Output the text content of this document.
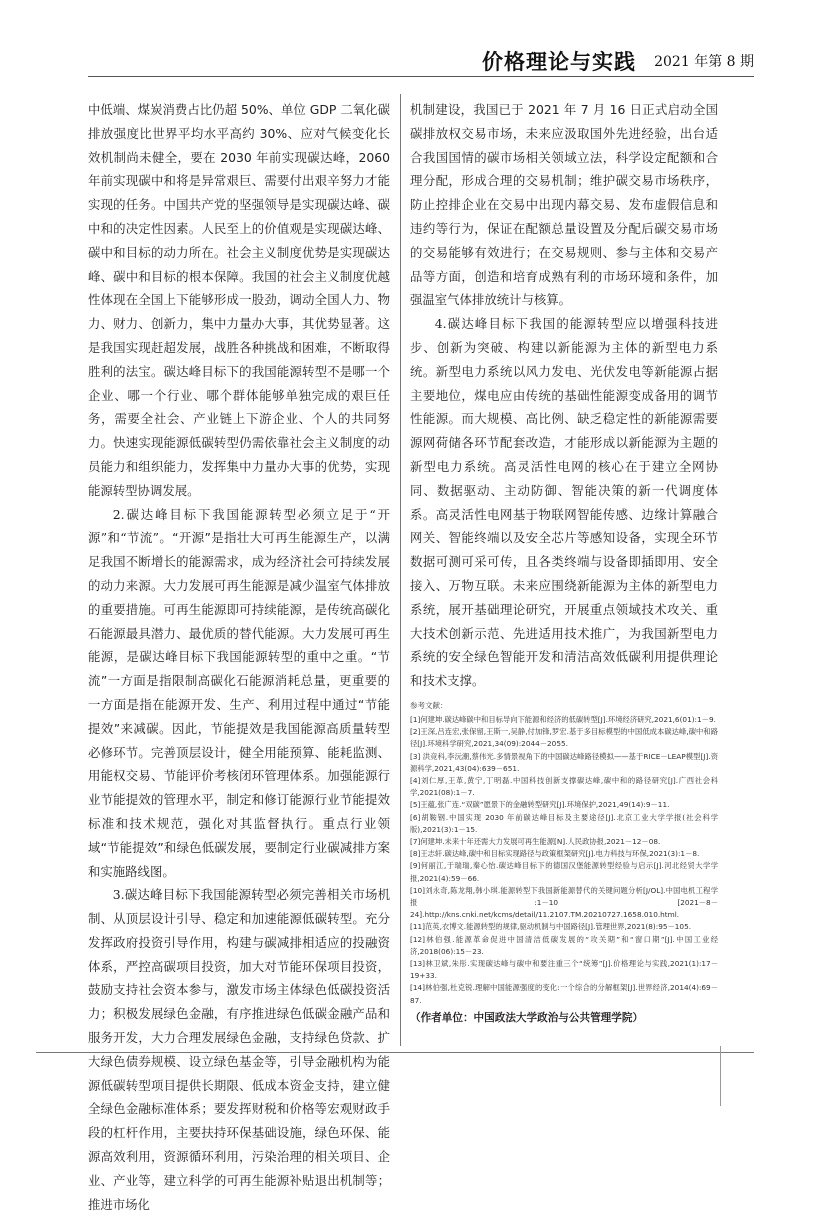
价格理论与实践 2021 年第 8 期

中低端、煤炭消费占比仍超 50%、单位 GDP 二氧化碳排放强度比世界平均水平高约 30%、应对气候变化长效机制尚未健全，要在 2030 年前实现碳达峰，2060 年前实现碳中和将是异常艰巨、需要付出艰辛努力才能实现的任务。中国共产党的坚强领导是实现碳达峰、碳中和的决定性因素。人民至上的价值观是实现碳达峰、碳中和目标的动力所在。社会主义制度优势是实现碳达峰、碳中和目标的根本保障。我国的社会主义制度优越性体现在全国上下能够形成一股劲，调动全国人力、物力、财力、创新力，集中力量办大事，其优势显著。这是我国实现赶超发展，战胜各种挑战和困难，不断取得胜利的法宝。碳达峰目标下的我国能源转型不是哪一个企业、哪一个行业、哪个群体能够单独完成的艰巨任务，需要全社会、产业链上下游企业、个人的共同努力。快速实现能源低碳转型仍需依靠社会主义制度的动员能力和组织能力，发挥集中力量办大事的优势，实现能源转型协调发展。

2.碳达峰目标下我国能源转型必须立足于“开源”和“节流”。“开源”是指壮大可再生能源生产，以满足我国不断增长的能源需求，成为经济社会可持续发展的动力来源。大力发展可再生能源是减少温室气体排放的重要措施。可再生能源即可持续能源，是传统高碳化石能源最具潜力、最优质的替代能源。大力发展可再生能源，是碳达峰目标下我国能源转型的重中之重。“节流”一方面是指限制高碳化石能源消耗总量，更重要的一方面是指在能源开发、生产、利用过程中通过“节能提效”来减碳。因此，节能提效是我国能源高质量转型必修环节。完善顶层设计，健全用能预算、能耗监测、用能权交易、节能评价考核闭环管理体系。加强能源行业节能提效的管理水平，制定和修订能源行业节能提效标准和技术规范，强化对其监督执行。重点行业领域“节能提效”和绿色低碳发展，要制定行业碳减排方案和实施路线图。

3.碳达峰目标下我国能源转型必须完善相关市场机制、从顶层设计引导、稳定和加速能源低碳转型。充分发挥政府投资引导作用，构建与碳减排相适应的投融资体系，严控高碳项目投资，加大对节能环保项目投资，鼓励支持社会资本参与，激发市场主体绿色低碳投资活力；积极发展绿色金融，有序推进绿色低碳金融产品和服务开发，大力合理发展绿色金融，支持绿色贷款、扩大绿色债券规模、设立绿色基金等，引导金融机构为能源低碳转型项目提供长期限、低成本资金支持，建立健全绿色金融标准体系；要发挥财税和价格等宏观财政手段的杠杆作用，主要扶持环保基础设施，绿色环保、能源高效利用，资源循环利用，污染治理的相关项目、企业、产业等，建立科学的可再生能源补贴退出机制等；推进市场化

机制建设，我国已于 2021 年 7 月 16 日正式启动全国碳排放权交易市场，未来应汲取国外先进经验，出台适合我国国情的碳市场相关领域立法，科学设定配额和合理分配，形成合理的交易机制；维护碳交易市场秩序，防止控排企业在交易中出现内幕交易、发布虚假信息和违约等行为，保证在配额总量设置及分配后碳交易市场的交易能够有效进行；在交易规则、参与主体和交易产品等方面，创造和培育成熟有利的市场环境和条件，加强温室气体排放统计与核算。

4.碳达峰目标下我国的能源转型应以增强科技进步、创新为突破、构建以新能源为主体的新型电力系统。新型电力系统以风力发电、光伏发电等新能源占据主要地位，煤电应由传统的基础性能源变成备用的调节性能源。而大规模、高比例、缺乏稳定性的新能源需要源网荷储各环节配套改造，才能形成以新能源为主题的新型电力系统。高灵活性电网的核心在于建立全网协同、数据驱动、主动防御、智能决策的新一代调度体系。高灵活性电网基于物联网智能传感、边缘计算融合网关、智能终端以及安全芯片等感知设备，实现全环节数据可测可采可传，且各类终端与设备即插即用、安全接入、万物互联。未来应围绕新能源为主体的新型电力系统，展开基础理论研究，开展重点领域技术攻关、重大技术创新示范、先进适用技术推广，为我国新型电力系统的安全绿色智能开发和清洁高效低碳利用提供理论和技术支撑。

参考文献：

[1]何建坤.碳达峰碳中和目标导向下能源和经济的低碳转型[J].环境经济研究,2021,6(01):1－9.

[2]王深,吕连宏,张保留,王斯一,吴静,付加锋,罗宏.基于多目标模型的中国低成本碳达峰,碳中和路径[J].环境科学研究,2021,34(09):2044－2055.

[3] 洪竞科,李沅潮,蔡伟光.多情景视角下的中国碳达峰路径模拟——基于RICE－LEAP模型[J].资源科学,2021,43(04):639－651.

[4]刘仁厚,王革,黄宁,丁明磊.中国科技创新支撑碳达峰,碳中和的路径研究[J].广西社会科学,2021(08):1－7.

[5]王蕴,张广连.“双碳”愿景下的金融转型研究[J].环境保护,2021,49(14):9－11.

[6]胡鞍钢.中国实现 2030 年前碳达峰目标及主要途径[J].北京工业大学学报(社会科学版),2021(3):1－15.

[7]何建坤.未来十年还需大力发展可再生能源[N].人民政协报,2021－12－08.

[8]王志轩.碳达峰,碳中和目标实现路径与政策框架研究[J].电力科技与环保,2021(3):1－8.

[9]何丽江,于瑞瑞,秦心怡.碳达峰目标下的德国汉堡能源转型经验与启示[J].河北经贸大学学报,2021(4):59－66.

[10]刘永奇,陈龙翔,韩小琪.能源转型下我国新能源替代的关键问题分析[J/OL].中国电机工程学报:1－10 [2021－8－24].http://kns.cnki.net/kcms/detail/11.2107.TM.20210727.1658.010.html.

[11]范英,衣博文.能源转型的规律,驱动机制与中国路径[J].管理世界,2021(8):95－105.

[12]林伯强.能源革命促进中国清洁低碳发展的“攻关期”和“窗口期”[J].中国工业经济,2018(06):15－23.

[13]林卫斌,朱彤.实现碳达峰与碳中和要注重三个“统筹”[J].价格理论与实践,2021(1):17－19+33.

[14]林伯强,杜克锐.理解中国能源强度的变化:一个综合的分解框架[J].世界经济,2014(4):69－87.

（作者单位：中国政法大学政治与公共管理学院）
